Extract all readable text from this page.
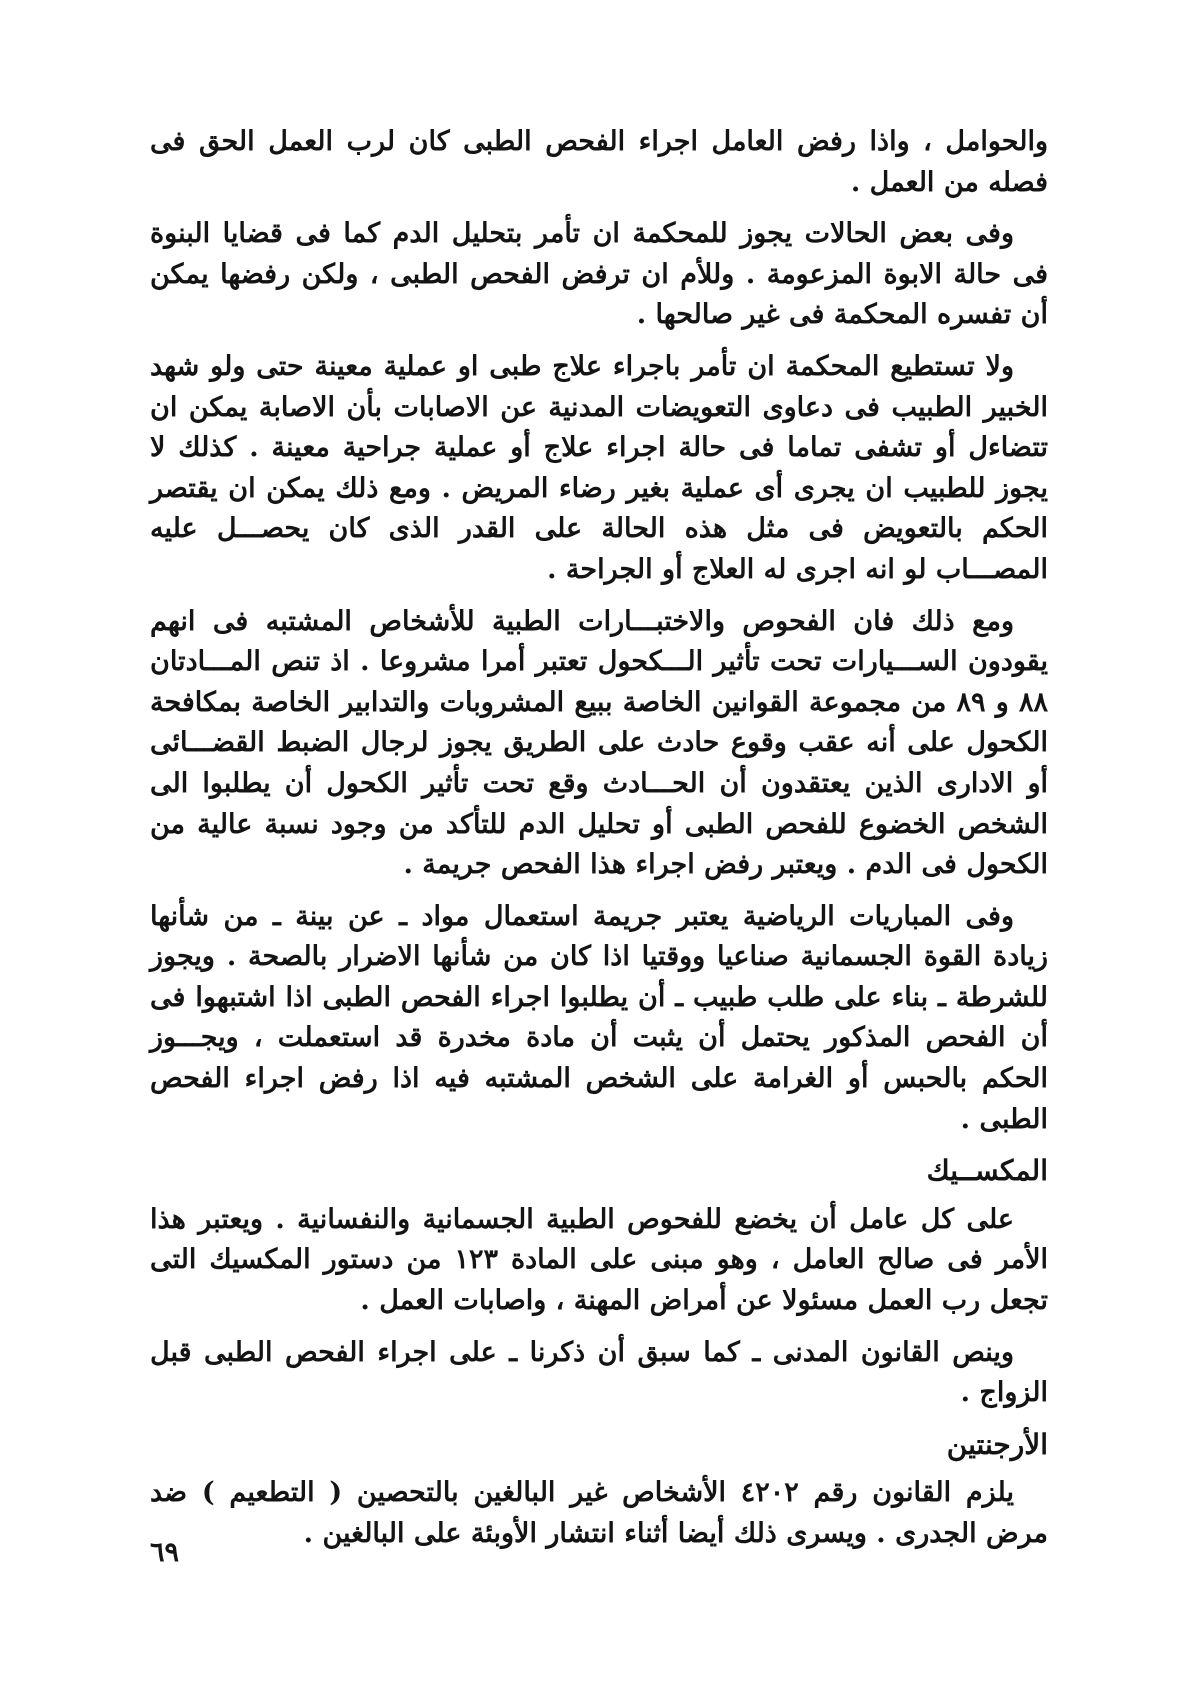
والحوامل ، واذا رفض العامل اجراء الفحص الطبى كان لرب العمل الحق فى فصله من العمل .

وفى بعض الحالات يجوز للمحكمة ان تأمر بتحليل الدم كما فى قضايا البنوة فى حالة الابوة المزعومة . وللأم ان ترفض الفحص الطبى ، ولكن رفضها يمكن أن تفسره المحكمة فى غير صالحها .

ولا تستطيع المحكمة ان تأمر باجراء علاج طبى او عملية معينة حتى ولو شهد الخبير الطبيب فى دعاوى التعويضات المدنية عن الاصابات بأن الاصابة يمكن ان تتضاءل أو تشفى تماما فى حالة اجراء علاج أو عملية جراحية معينة . كذلك لا يجوز للطبيب ان يجرى أى عملية بغير رضاء المريض . ومع ذلك يمكن ان يقتصر الحكم بالتعويض فى مثل هذه الحالة على القدر الذى كان يحصـــل عليه المصـــاب لو انه اجرى له العلاج أو الجراحة .

ومع ذلك فان الفحوص والاختبـــارات الطبية للأشخاص المشتبه فى انهم يقودون الســـيارات تحت تأثير الـــكحول تعتبر أمرا مشروعا . اذ تنص المـــادتان ٨٨ و ٨٩ من مجموعة القوانين الخاصة ببيع المشروبات والتدابير الخاصة بمكافحة الكحول على أنه عقب وقوع حادث على الطريق يجوز لرجال الضبط القضـــائى أو الادارى الذين يعتقدون أن الحـــادث وقع تحت تأثير الكحول أن يطلبوا الى الشخص الخضوع للفحص الطبى أو تحليل الدم للتأكد من وجود نسبة عالية من الكحول فى الدم . ويعتبر رفض اجراء هذا الفحص جريمة .

وفى المباريات الرياضية يعتبر جريمة استعمال مواد ـ عن بينة ـ من شأنها زيادة القوة الجسمانية صناعيا ووقتيا اذا كان من شأنها الاضرار بالصحة . ويجوز للشرطة ـ بناء على طلب طبيب ـ أن يطلبوا اجراء الفحص الطبى اذا اشتبهوا فى أن الفحص المذكور يحتمل أن يثبت أن مادة مخدرة قد استعملت ، ويجـــوز الحكم بالحبس أو الغرامة على الشخص المشتبه فيه اذا رفض اجراء الفحص الطبى .

المكســيك

على كل عامل أن يخضع للفحوص الطبية الجسمانية والنفسانية . ويعتبر هذا الأمر فى صالح العامل ، وهو مبنى على المادة ١٢٣ من دستور المكسيك التى تجعل رب العمل مسئولا عن أمراض المهنة ، واصابات العمل .

وينص القانون المدنى ـ كما سبق أن ذكرنا ـ على اجراء الفحص الطبى قبل الزواج .

الأرجنتين

يلزم القانون رقم ٤٢٠٢ الأشخاص غير البالغين بالتحصين ( التطعيم ) ضد مرض الجدرى . ويسرى ذلك أيضا أثناء انتشار الأوبئة على البالغين .

٦٩
